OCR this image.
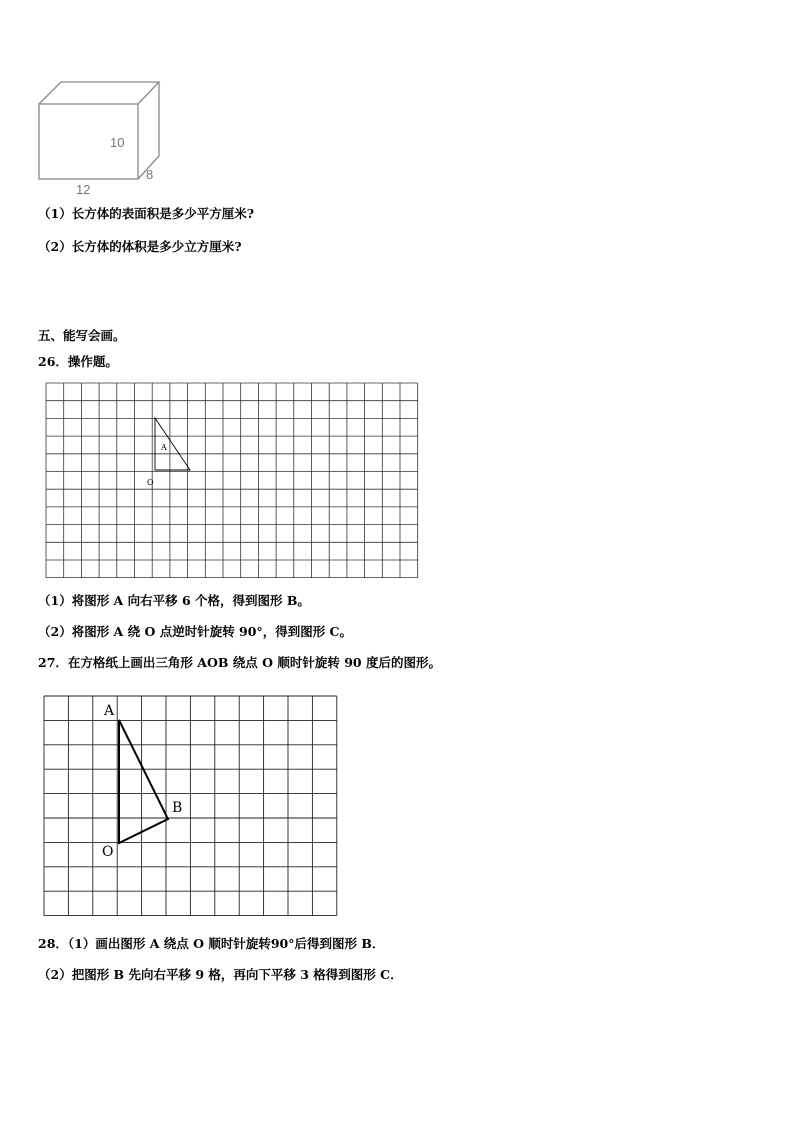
10
12
8
（1）长方体的表面积是多少平方厘米?
（2）长方体的体积是多少立方厘米?
五、能写会画。
26．操作题。
A
O
（1）将图形 A 向右平移 6 个格，得到图形 B。
（2）将图形 A 绕 O 点逆时针旋转 90°，得到图形 C。
27．在方格纸上画出三角形 AOB 绕点 O 顺时针旋转 90 度后的图形。
A
B
O
28．（1）画出图形 A 绕点 O 顺时针旋转90°后得到图形 B．
（2）把图形 B 先向右平移 9 格，再向下平移 3 格得到图形 C．
